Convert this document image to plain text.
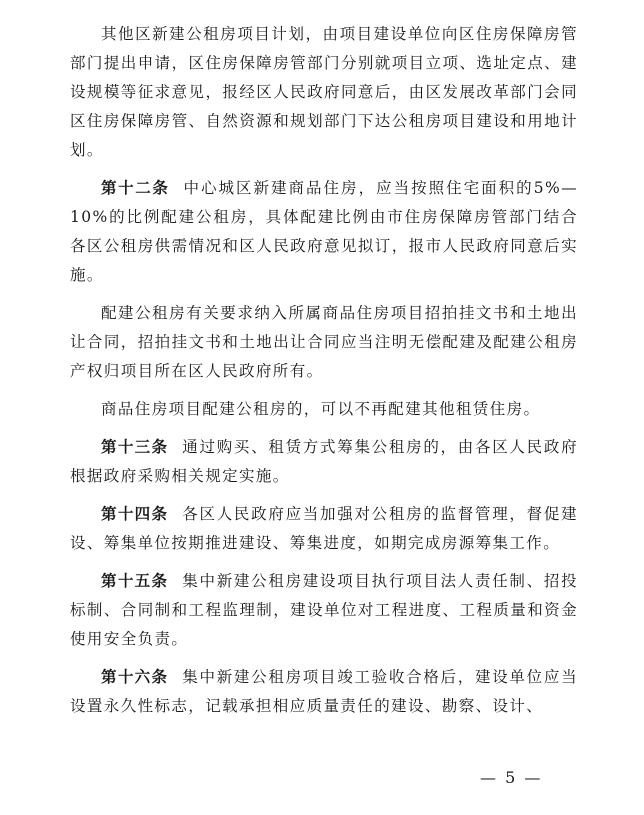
其他区新建公租房项目计划，由项目建设单位向区住房保障房管部门提出申请，区住房保障房管部门分别就项目立项、选址定点、建设规模等征求意见，报经区人民政府同意后，由区发展改革部门会同区住房保障房管、自然资源和规划部门下达公租房项目建设和用地计划。

第十二条 中心城区新建商品住房，应当按照住宅面积的5%—10%的比例配建公租房，具体配建比例由市住房保障房管部门结合各区公租房供需情况和区人民政府意见拟订，报市人民政府同意后实施。

配建公租房有关要求纳入所属商品住房项目招拍挂文书和土地出让合同，招拍挂文书和土地出让合同应当注明无偿配建及配建公租房产权归项目所在区人民政府所有。

商品住房项目配建公租房的，可以不再配建其他租赁住房。

第十三条 通过购买、租赁方式筹集公租房的，由各区人民政府根据政府采购相关规定实施。

第十四条 各区人民政府应当加强对公租房的监督管理，督促建设、筹集单位按期推进建设、筹集进度，如期完成房源筹集工作。

第十五条 集中新建公租房建设项目执行项目法人责任制、招投标制、合同制和工程监理制，建设单位对工程进度、工程质量和资金使用安全负责。

第十六条 集中新建公租房项目竣工验收合格后，建设单位应当设置永久性标志，记载承担相应质量责任的建设、勘察、设计、

— 5 —
